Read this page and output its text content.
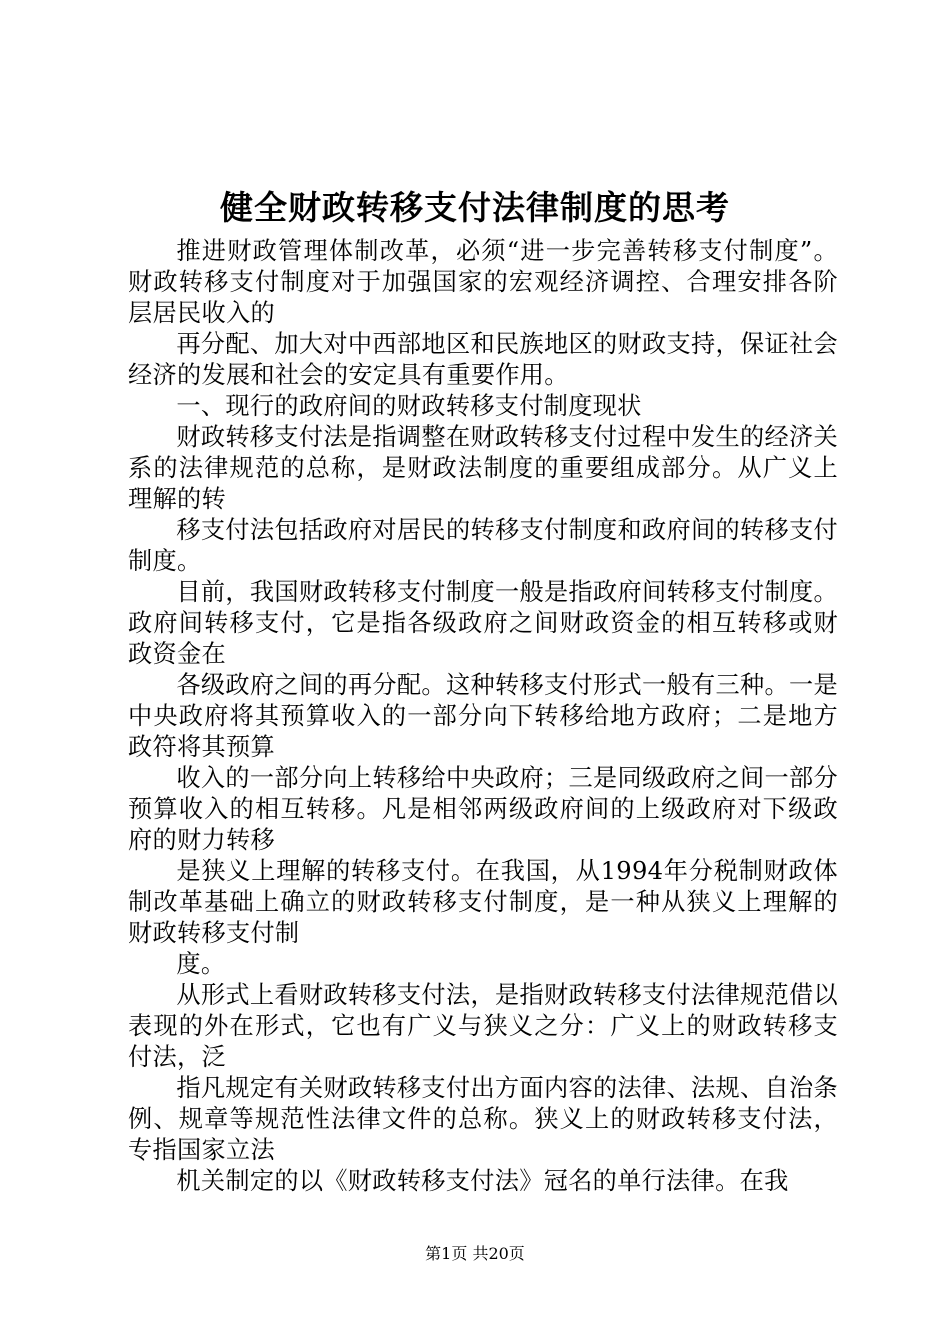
健全财政转移支付法律制度的思考

推进财政管理体制改革，必须“进一步完善转移支付制度”。财政转移支付制度对于加强国家的宏观经济调控、合理安排各阶层居民收入的

再分配、加大对中西部地区和民族地区的财政支持，保证社会经济的发展和社会的安定具有重要作用。

一、现行的政府间的财政转移支付制度现状

财政转移支付法是指调整在财政转移支付过程中发生的经济关系的法律规范的总称，是财政法制度的重要组成部分。从广义上理解的转

移支付法包括政府对居民的转移支付制度和政府间的转移支付制度。

目前，我国财政转移支付制度一般是指政府间转移支付制度。政府间转移支付，它是指各级政府之间财政资金的相互转移或财政资金在

各级政府之间的再分配。这种转移支付形式一般有三种。一是中央政府将其预算收入的一部分向下转移给地方政府；二是地方政符将其预算

收入的一部分向上转移给中央政府；三是同级政府之间一部分预算收入的相互转移。凡是相邻两级政府间的上级政府对下级政府的财力转移

是狭义上理解的转移支付。在我国，从1994年分税制财政体制改革基础上确立的财政转移支付制度，是一种从狭义上理解的财政转移支付制

度。

从形式上看财政转移支付法，是指财政转移支付法律规范借以表现的外在形式，它也有广义与狭义之分：广义上的财政转移支付法，泛

指凡规定有关财政转移支付出方面内容的法律、法规、自治条例、规章等规范性法律文件的总称。狭义上的财政转移支付法，专指国家立法

机关制定的以《财政转移支付法》冠名的单行法律。在我

第1页 共20页
